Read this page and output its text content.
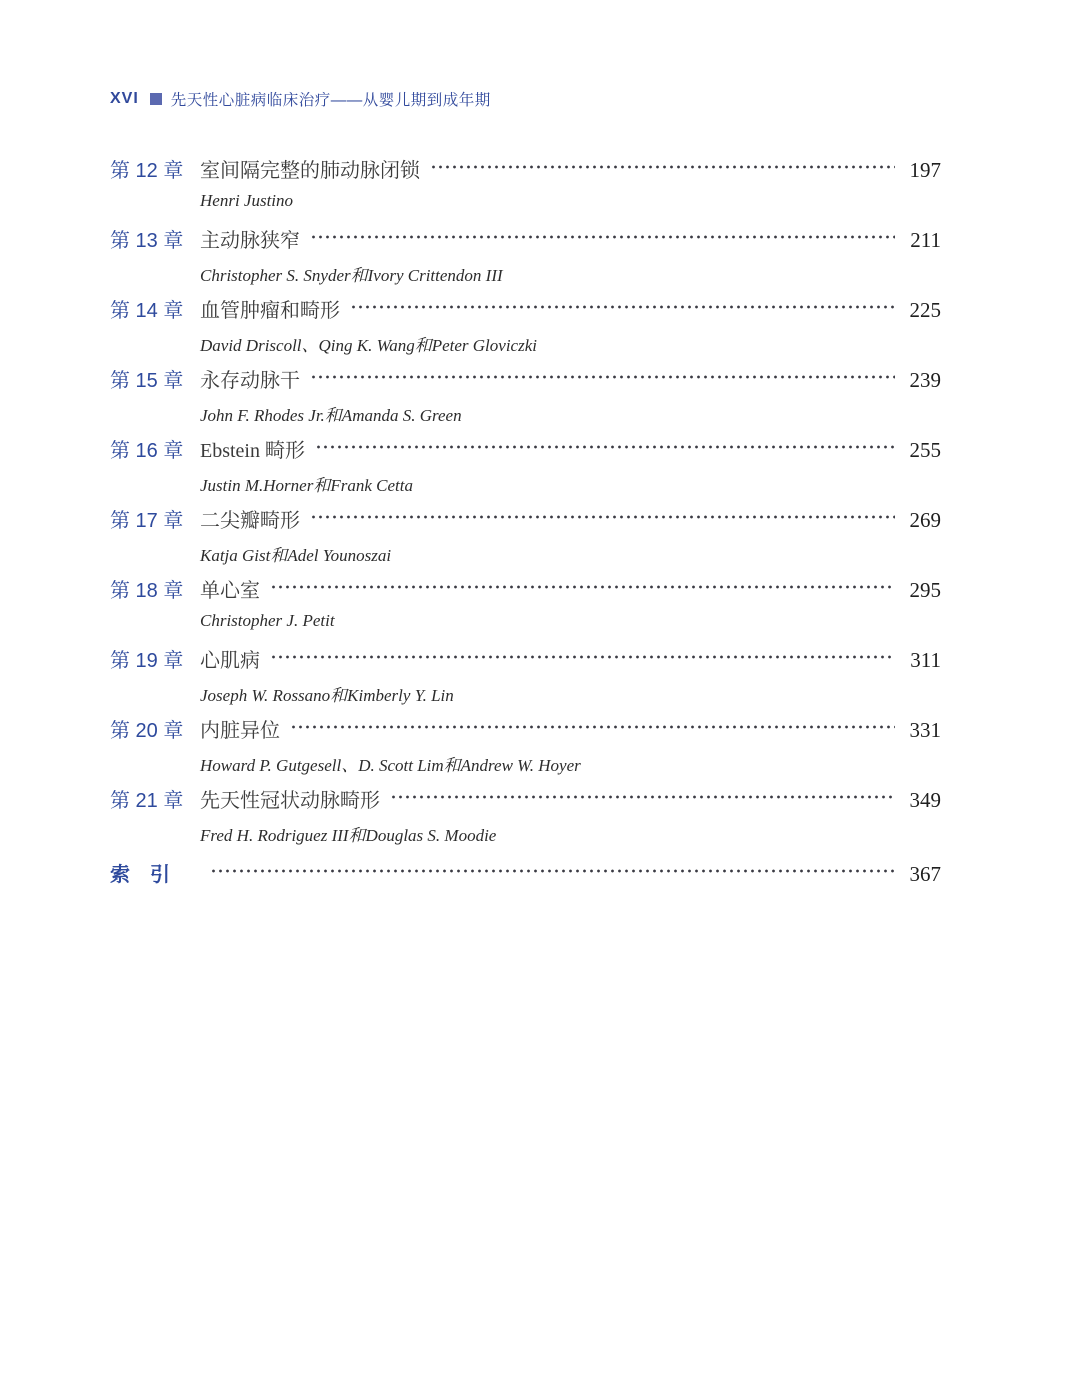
XVI 先天性心脏病临床治疗——从婴儿期到成年期
第 12 章 室间隔完整的肺动脉闭锁	197
Henri Justino
第 13 章 主动脉狭窄	211
Christopher S. Snyder和Ivory Crittendon III
第 14 章 血管肿瘤和畸形	225
David Driscoll、Qing K. Wang和Peter Gloviczki
第 15 章 永存动脉干	239
John F. Rhodes Jr.和Amanda S. Green
第 16 章 Ebstein 畸形	255
Justin M.Horner和Frank Cetta
第 17 章 二尖瓣畸形	269
Katja Gist和Adel Younoszai
第 18 章 单心室	295
Christopher J. Petit
第 19 章 心肌病	311
Joseph W. Rossano和Kimberly Y. Lin
第 20 章 内脏异位	331
Howard P. Gutgesell、D. Scott Lim和Andrew W. Hoyer
第 21 章 先天性冠状动脉畸形	349
Fred H. Rodriguez III和Douglas S. Moodie
索　引	367
